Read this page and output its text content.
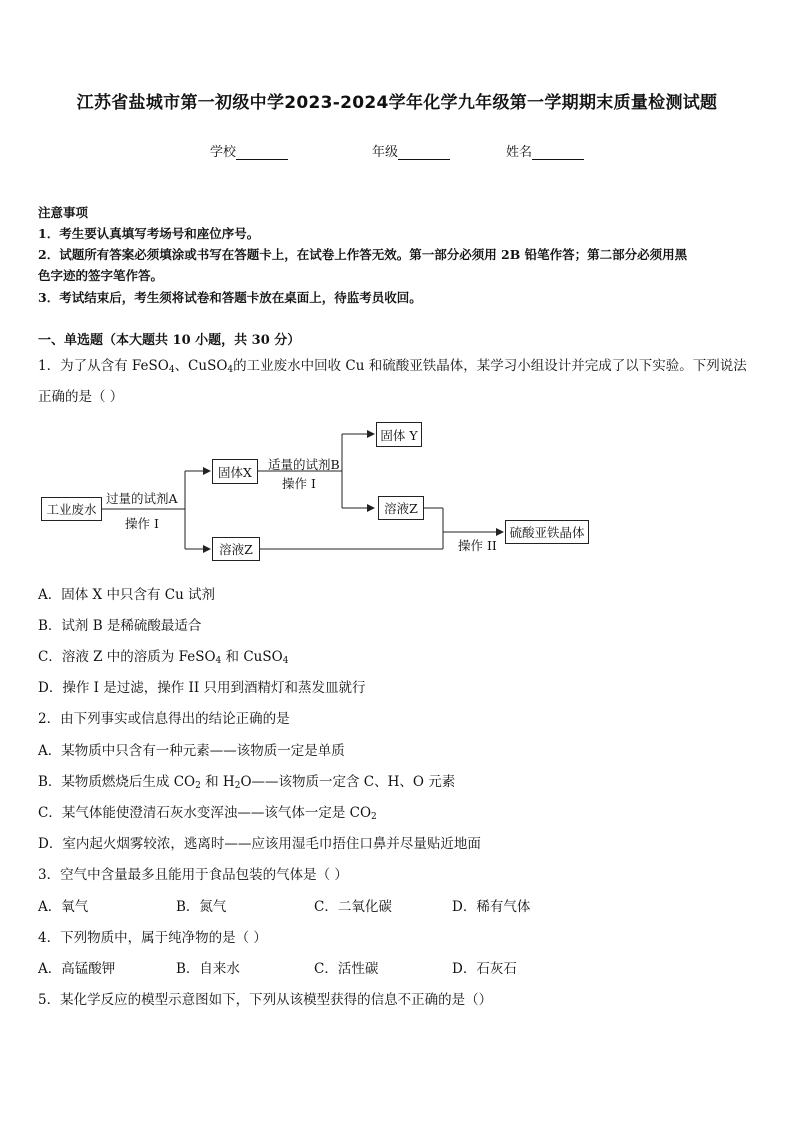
江苏省盐城市第一初级中学2023-2024学年化学九年级第一学期期末质量检测试题
学校	年级	姓名
注意事项
1．考生要认真填写考场号和座位序号。
2．试题所有答案必须填涂或书写在答题卡上，在试卷上作答无效。第一部分必须用 2B 铅笔作答；第二部分必须用黑
色字迹的签字笔作答。
3．考试结束后，考生须将试卷和答题卡放在桌面上，待监考员收回。
一、单选题（本大题共 10 小题，共 30 分）
1．为了从含有 FeSO$_4$、CuSO$_4$的工业废水中回收 Cu 和硫酸亚铁晶体，某学习小组设计并完成了以下实验。下列说法
正确的是（ ）
工业废水
过量的试剂A
操作 I
固体X	适量的试剂B
操作 I
固体 Y
溶液Z
溶液Z	操作 II
硫酸亚铁晶体
A．固体 X 中只含有 Cu 试剂
B．试剂 B 是稀硫酸最适合
C．溶液 Z 中的溶质为 FeSO$_4$ 和 CuSO$_4$
D．操作 I 是过滤，操作 II 只用到酒精灯和蒸发皿就行
2．由下列事实或信息得出的结论正确的是
A．某物质中只含有一种元素——该物质一定是单质
B．某物质燃烧后生成 $CO_2$ 和 $H_2O——$该物质一定含 C、H、O 元素
C．某气体能使澄清石灰水变浑浊——该气体一定是 $CO_2$
D．室内起火烟雾较浓，逃离时——应该用湿毛巾捂住口鼻并尽量贴近地面
3．空气中含量最多且能用于食品包装的气体是（ ）
A．氧气	B．氮气	C．二氧化碳	D．稀有气体
4．下列物质中，属于纯净物的是（ ）
A．高锰酸钾	B．自来水	C．活性碳	D．石灰石
5．某化学反应的模型示意图如下，下列从该模型获得的信息不正确的是（）
